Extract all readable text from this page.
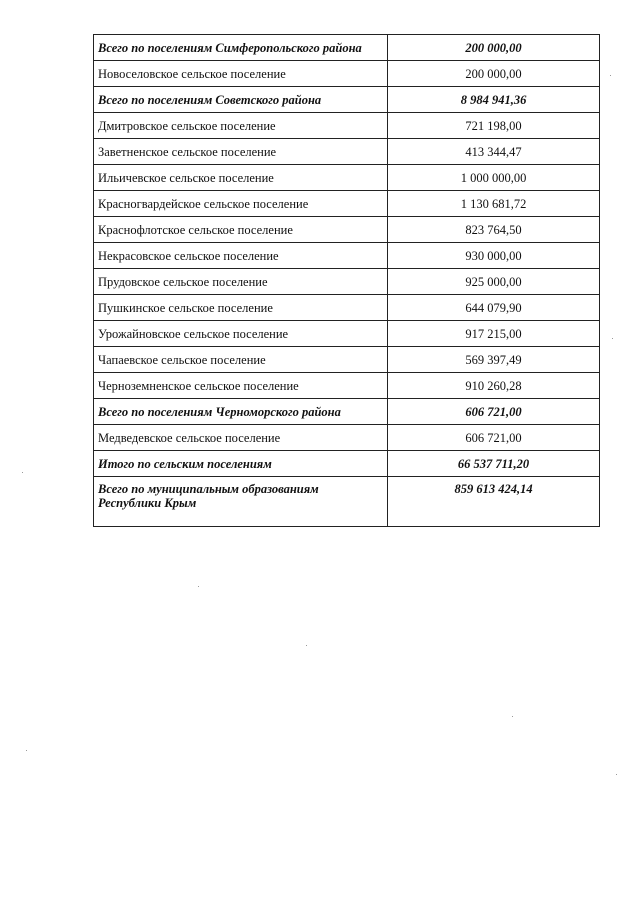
Всего по поселениям Симферопольского района	200 000,00
Новоселовское сельское поселение	200 000,00
Всего по поселениям Советского района	8 984 941,36
Дмитровское сельское поселение	721 198,00
Заветненское сельское поселение	413 344,47
Ильичевское сельское поселение	1 000 000,00
Красногвардейское сельское поселение	1 130 681,72
Краснофлотское сельское поселение	823 764,50
Некрасовское сельское поселение	930 000,00
Прудовское сельское поселение	925 000,00
Пушкинское сельское поселение	644 079,90
Урожайновское сельское поселение	917 215,00
Чапаевское сельское поселение	569 397,49
Черноземненское сельское поселение	910 260,28
Всего по поселениям Черноморского района	606 721,00
Медведевское сельское поселение	606 721,00
Итого по сельским поселениям	66 537 711,20
Всего по муниципальным образованиям Республики Крым	859 613 424,14
